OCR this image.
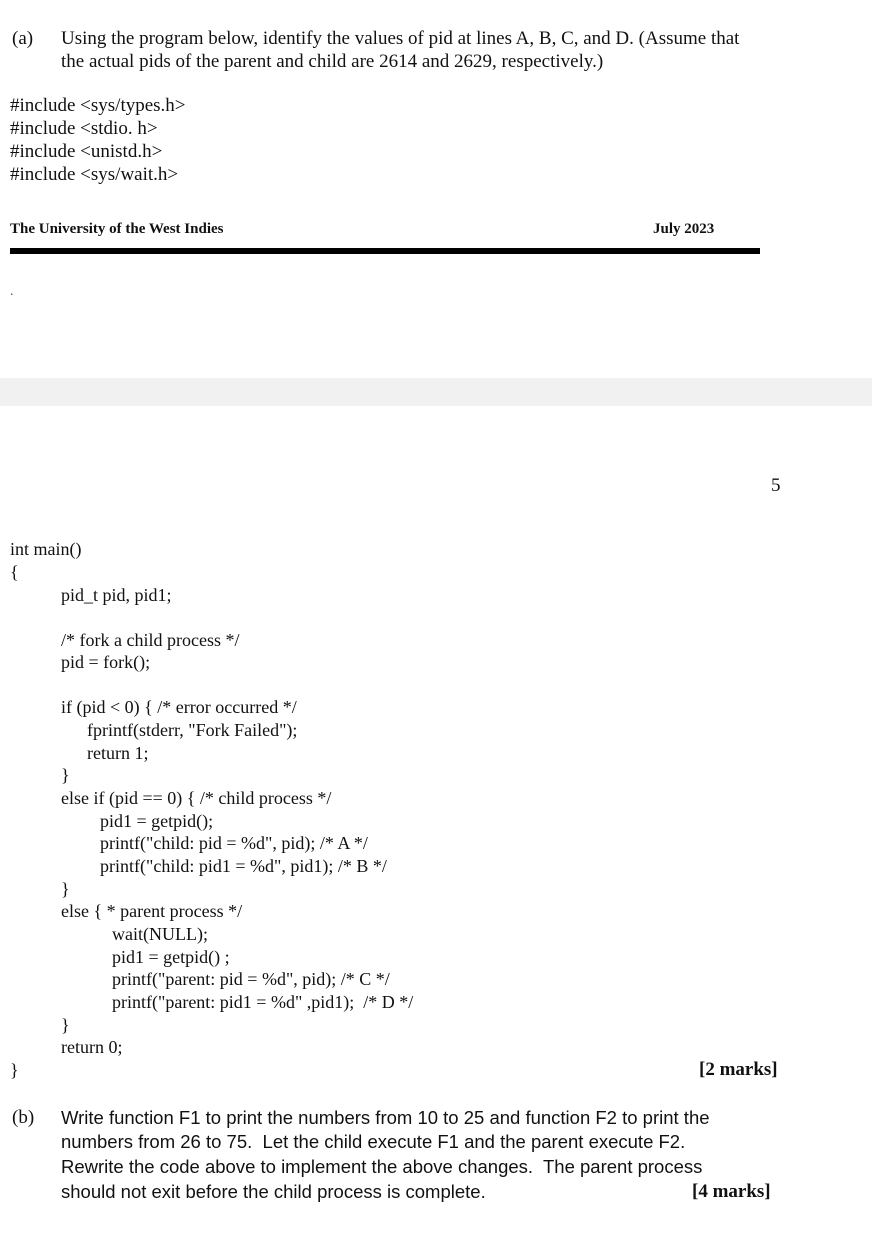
(a) Using the program below, identify the values of pid at lines A, B, C, and D. (Assume that
the actual pids of the parent and child are 2614 and 2629, respectively.)
#include <sys/types.h>
#include <stdio. h>
#include <unistd.h>
#include <sys/wait.h>
The University of the West Indies	July 2023
.
5
int main()
{
pid_t pid, pid1;
/* fork a child process */
pid = fork();
if (pid < 0) { /* error occurred */
fprintf(stderr, "Fork Failed");
return 1;
}
else if (pid == 0) { /* child process */
pid1 = getpid();
printf("child: pid = %d", pid); /* A */
printf("child: pid1 = %d", pid1); /* B */
}
else { * parent process */
wait(NULL);
pid1 = getpid() ;
printf("parent: pid = %d", pid); /* C */
printf("parent: pid1 = %d" ,pid1);  /* D */
}
return 0;
}	[2 marks]
(b) Write function F1 to print the numbers from 10 to 25 and function F2 to print the
numbers from 26 to 75.  Let the child execute F1 and the parent execute F2.
Rewrite the code above to implement the above changes.  The parent process
should not exit before the child process is complete.	[4 marks]
